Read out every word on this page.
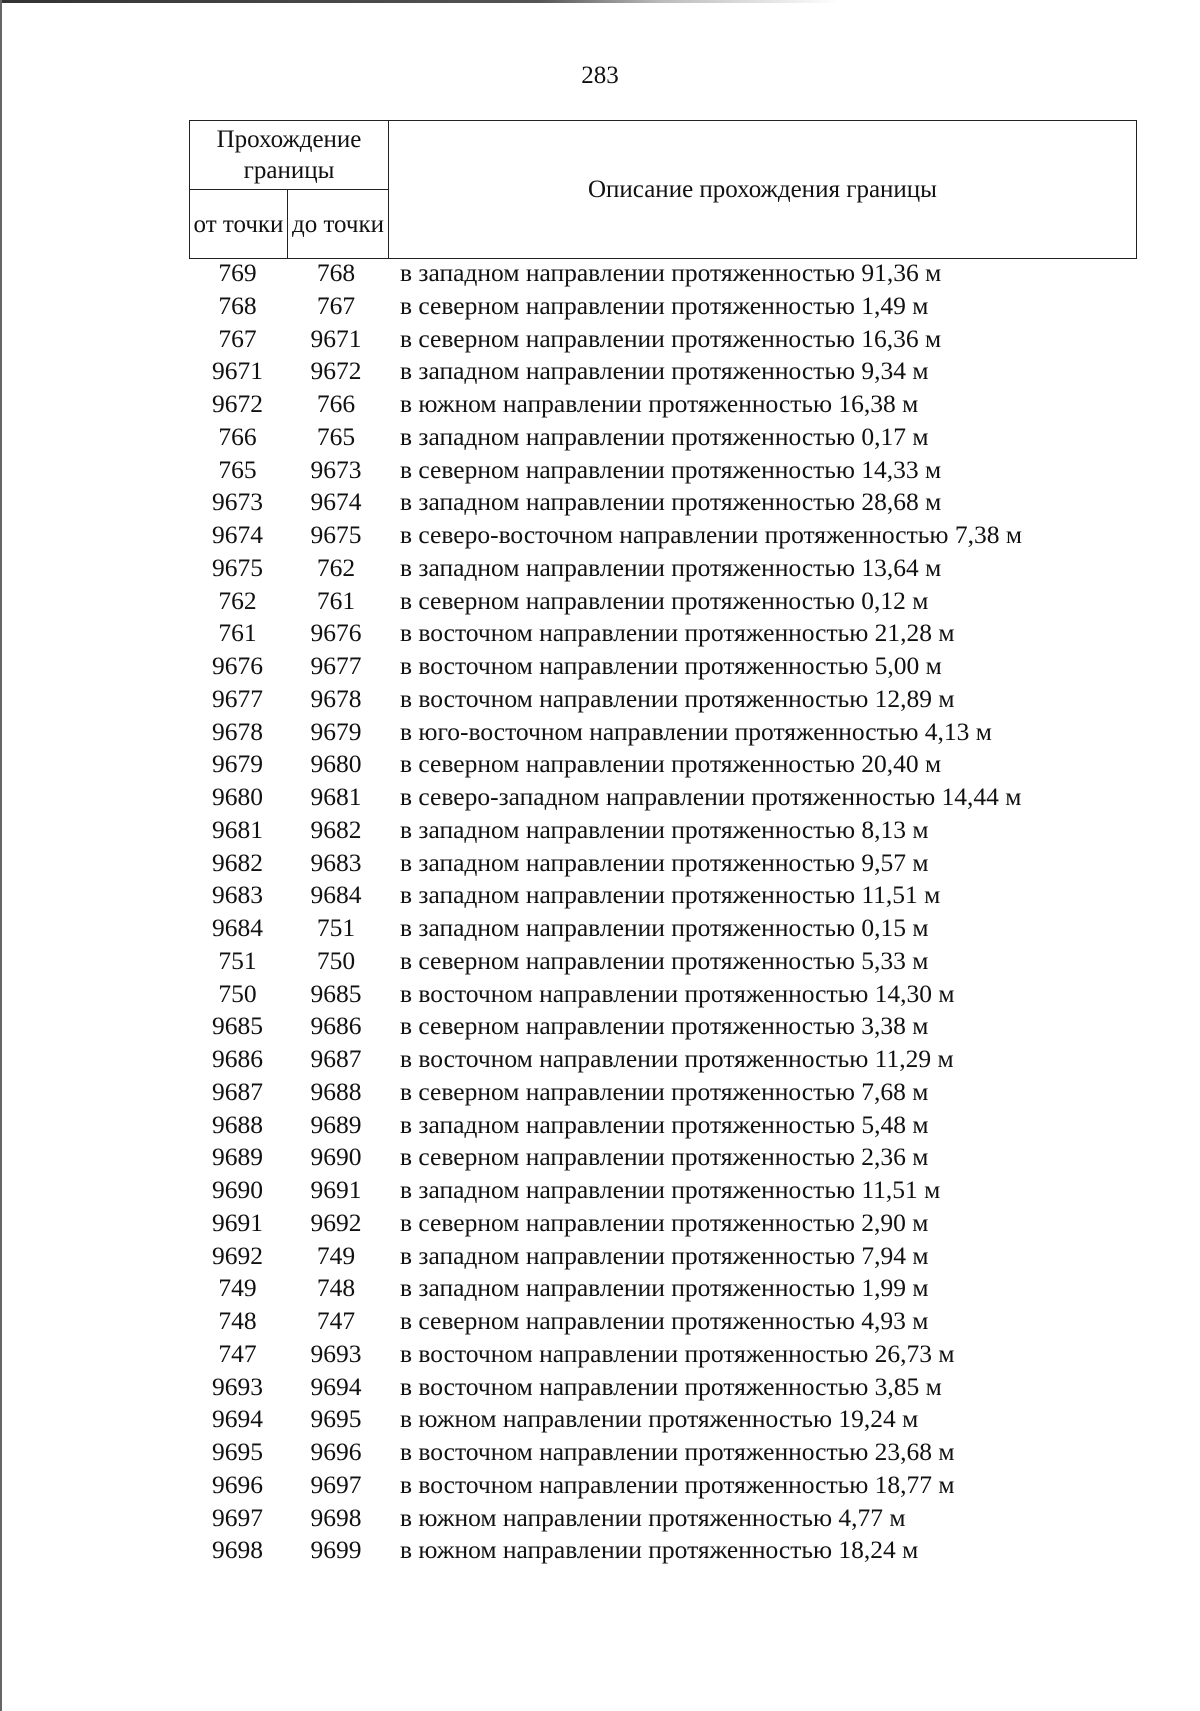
283
Прохождение границы		Описание прохождения границы
от точки	до точки	
769	768	в западном направлении протяженностью 91,36 м
768	767	в северном направлении протяженностью 1,49 м
767	9671	в северном направлении протяженностью 16,36 м
9671	9672	в западном направлении протяженностью 9,34 м
9672	766	в южном направлении протяженностью 16,38 м
766	765	в западном направлении протяженностью 0,17 м
765	9673	в северном направлении протяженностью 14,33 м
9673	9674	в западном направлении протяженностью 28,68 м
9674	9675	в северо-восточном направлении протяженностью 7,38 м
9675	762	в западном направлении протяженностью 13,64 м
762	761	в северном направлении протяженностью 0,12 м
761	9676	в восточном направлении протяженностью 21,28 м
9676	9677	в восточном направлении протяженностью 5,00 м
9677	9678	в восточном направлении протяженностью 12,89 м
9678	9679	в юго-восточном направлении протяженностью 4,13 м
9679	9680	в северном направлении протяженностью 20,40 м
9680	9681	в северо-западном направлении протяженностью 14,44 м
9681	9682	в западном направлении протяженностью 8,13 м
9682	9683	в западном направлении протяженностью 9,57 м
9683	9684	в западном направлении протяженностью 11,51 м
9684	751	в западном направлении протяженностью 0,15 м
751	750	в северном направлении протяженностью 5,33 м
750	9685	в восточном направлении протяженностью 14,30 м
9685	9686	в северном направлении протяженностью 3,38 м
9686	9687	в восточном направлении протяженностью 11,29 м
9687	9688	в северном направлении протяженностью 7,68 м
9688	9689	в западном направлении протяженностью 5,48 м
9689	9690	в северном направлении протяженностью 2,36 м
9690	9691	в западном направлении протяженностью 11,51 м
9691	9692	в северном направлении протяженностью 2,90 м
9692	749	в западном направлении протяженностью 7,94 м
749	748	в западном направлении протяженностью 1,99 м
748	747	в северном направлении протяженностью 4,93 м
747	9693	в восточном направлении протяженностью 26,73 м
9693	9694	в восточном направлении протяженностью 3,85 м
9694	9695	в южном направлении протяженностью 19,24 м
9695	9696	в восточном направлении протяженностью 23,68 м
9696	9697	в восточном направлении протяженностью 18,77 м
9697	9698	в южном направлении протяженностью 4,77 м
9698	9699	в южном направлении протяженностью 18,24 м
